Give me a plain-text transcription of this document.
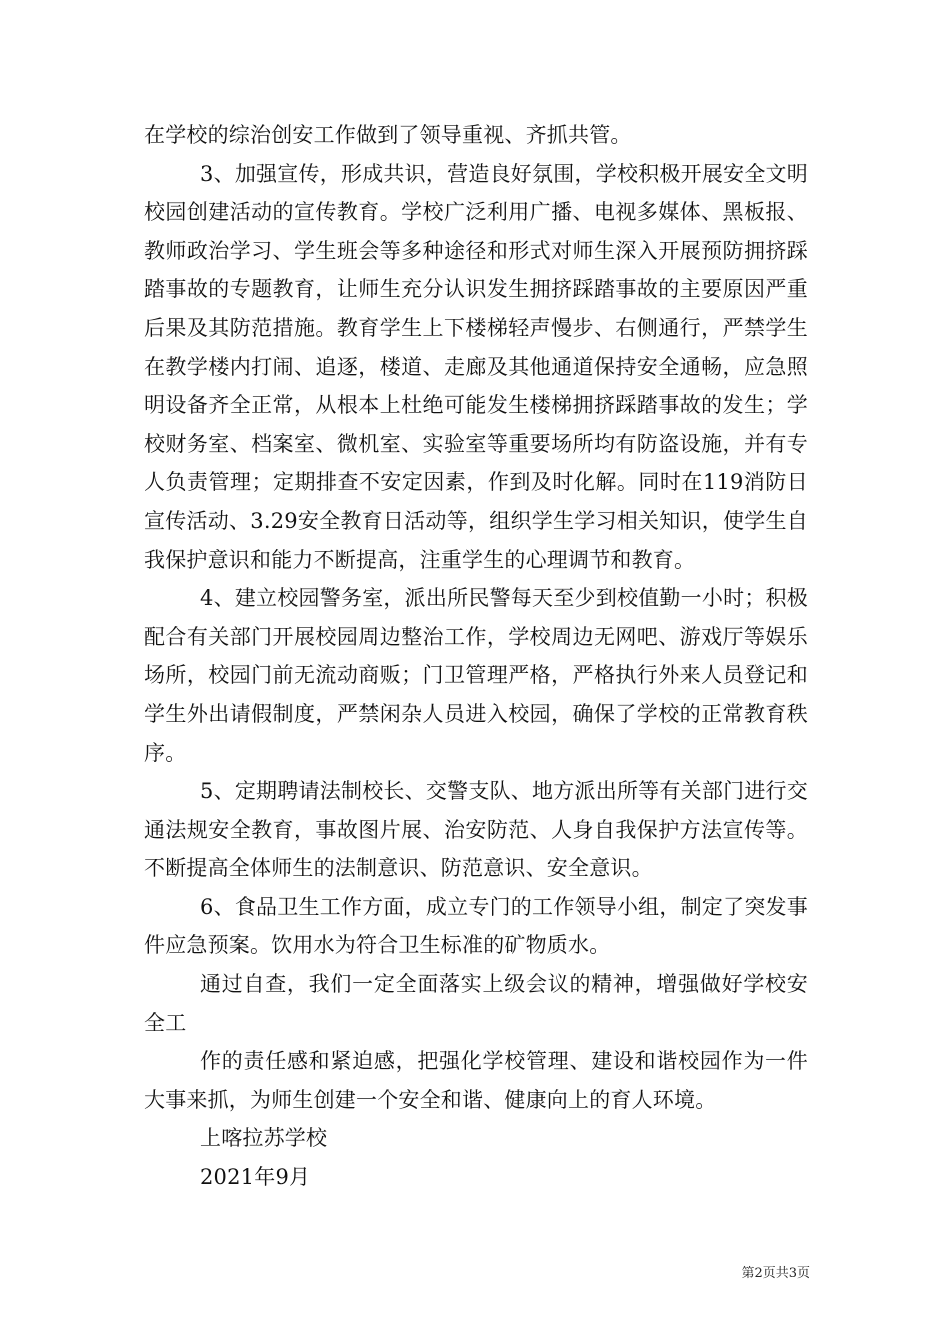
在学校的综治创安工作做到了领导重视、齐抓共管。

3、加强宣传，形成共识，营造良好氛围，学校积极开展安全文明校园创建活动的宣传教育。学校广泛利用广播、电视多媒体、黑板报、教师政治学习、学生班会等多种途径和形式对师生深入开展预防拥挤踩踏事故的专题教育，让师生充分认识发生拥挤踩踏事故的主要原因严重后果及其防范措施。教育学生上下楼梯轻声慢步、右侧通行，严禁学生在教学楼内打闹、追逐，楼道、走廊及其他通道保持安全通畅，应急照明设备齐全正常，从根本上杜绝可能发生楼梯拥挤踩踏事故的发生；学校财务室、档案室、微机室、实验室等重要场所均有防盗设施，并有专人负责管理；定期排查不安定因素，作到及时化解。同时在119消防日宣传活动、3.29安全教育日活动等，组织学生学习相关知识，使学生自我保护意识和能力不断提高，注重学生的心理调节和教育。

4、建立校园警务室，派出所民警每天至少到校值勤一小时；积极配合有关部门开展校园周边整治工作，学校周边无网吧、游戏厅等娱乐场所，校园门前无流动商贩；门卫管理严格，严格执行外来人员登记和学生外出请假制度，严禁闲杂人员进入校园，确保了学校的正常教育秩序。

5、定期聘请法制校长、交警支队、地方派出所等有关部门进行交通法规安全教育，事故图片展、治安防范、人身自我保护方法宣传等。不断提高全体师生的法制意识、防范意识、安全意识。

6、食品卫生工作方面，成立专门的工作领导小组，制定了突发事件应急预案。饮用水为符合卫生标准的矿物质水。

通过自查，我们一定全面落实上级会议的精神，增强做好学校安全工

作的责任感和紧迫感，把强化学校管理、建设和谐校园作为一件大事来抓，为师生创建一个安全和谐、健康向上的育人环境。

上喀拉苏学校

2021年9月

第2页共3页
